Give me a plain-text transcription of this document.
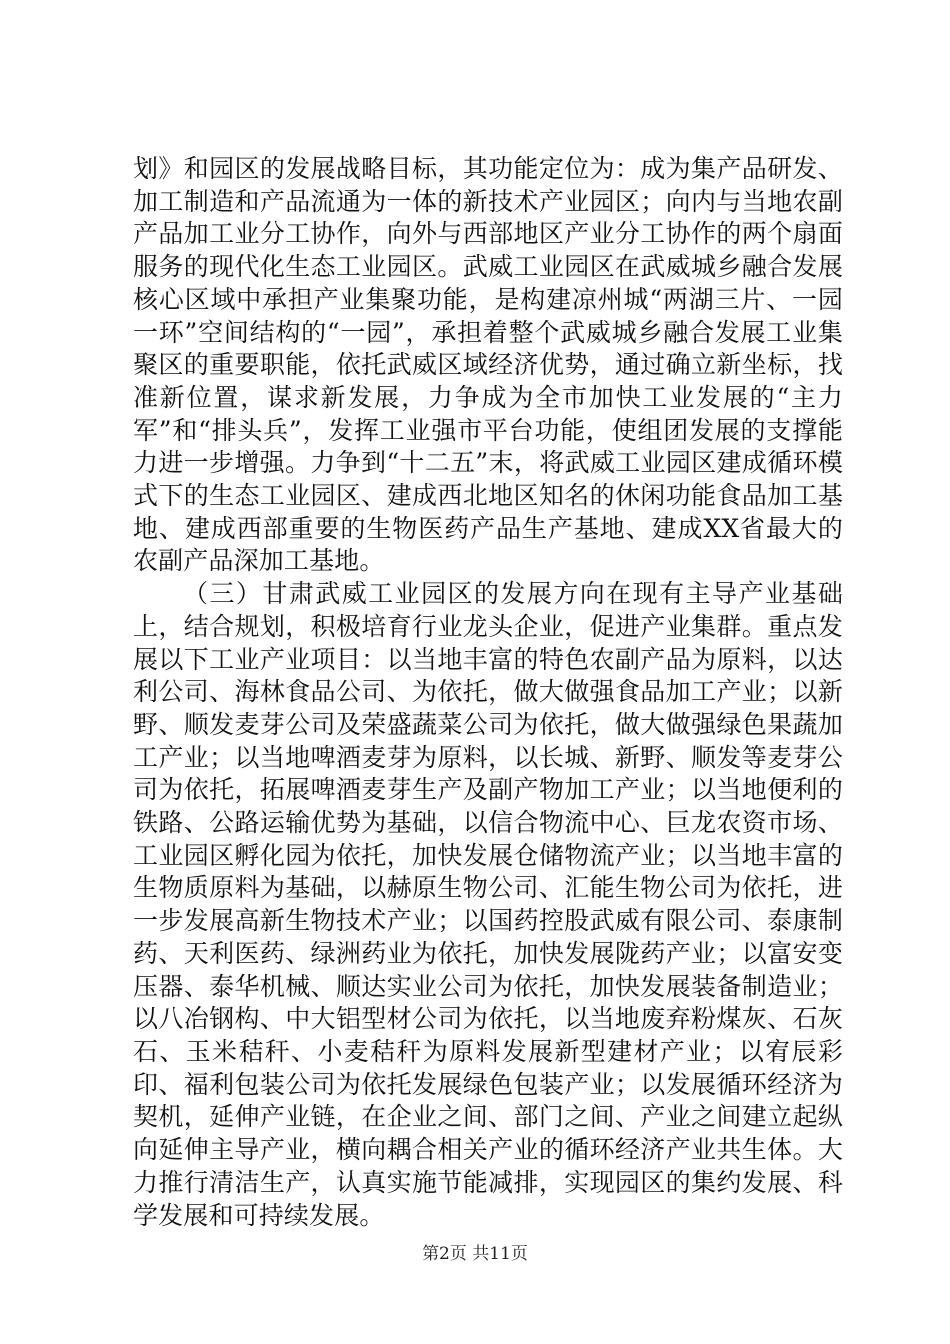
划》和园区的发展战略目标，其功能定位为：成为集产品研发、加工制造和产品流通为一体的新技术产业园区；向内与当地农副产品加工业分工协作，向外与西部地区产业分工协作的两个扇面服务的现代化生态工业园区。武威工业园区在武威城乡融合发展核心区域中承担产业集聚功能，是构建凉州城“两湖三片、一园一环”空间结构的“一园”，承担着整个武威城乡融合发展工业集聚区的重要职能，依托武威区域经济优势，通过确立新坐标，找准新位置，谋求新发展，力争成为全市加快工业发展的“主力军”和“排头兵”，发挥工业强市平台功能，使组团发展的支撑能力进一步增强。力争到“十二五”末，将武威工业园区建成循环模式下的生态工业园区、建成西北地区知名的休闲功能食品加工基地、建成西部重要的生物医药产品生产基地、建成XX省最大的农副产品深加工基地。

（三）甘肃武威工业园区的发展方向在现有主导产业基础上，结合规划，积极培育行业龙头企业，促进产业集群。重点发展以下工业产业项目：以当地丰富的特色农副产品为原料，以达利公司、海林食品公司、为依托，做大做强食品加工产业；以新野、顺发麦芽公司及荣盛蔬菜公司为依托，做大做强绿色果蔬加工产业；以当地啤酒麦芽为原料，以长城、新野、顺发等麦芽公司为依托，拓展啤酒麦芽生产及副产物加工产业；以当地便利的铁路、公路运输优势为基础，以信合物流中心、巨龙农资市场、工业园区孵化园为依托，加快发展仓储物流产业；以当地丰富的生物质原料为基础，以赫原生物公司、汇能生物公司为依托，进一步发展高新生物技术产业；以国药控股武威有限公司、泰康制药、天利医药、绿洲药业为依托，加快发展陇药产业；以富安变压器、泰华机械、顺达实业公司为依托，加快发展装备制造业；以八冶钢构、中大铝型材公司为依托，以当地废弃粉煤灰、石灰石、玉米秸秆、小麦秸秆为原料发展新型建材产业；以宥辰彩印、福利包装公司为依托发展绿色包装产业；以发展循环经济为契机，延伸产业链，在企业之间、部门之间、产业之间建立起纵向延伸主导产业，横向耦合相关产业的循环经济产业共生体。大力推行清洁生产，认真实施节能减排，实现园区的集约发展、科学发展和可持续发展。

第2页 共11页
